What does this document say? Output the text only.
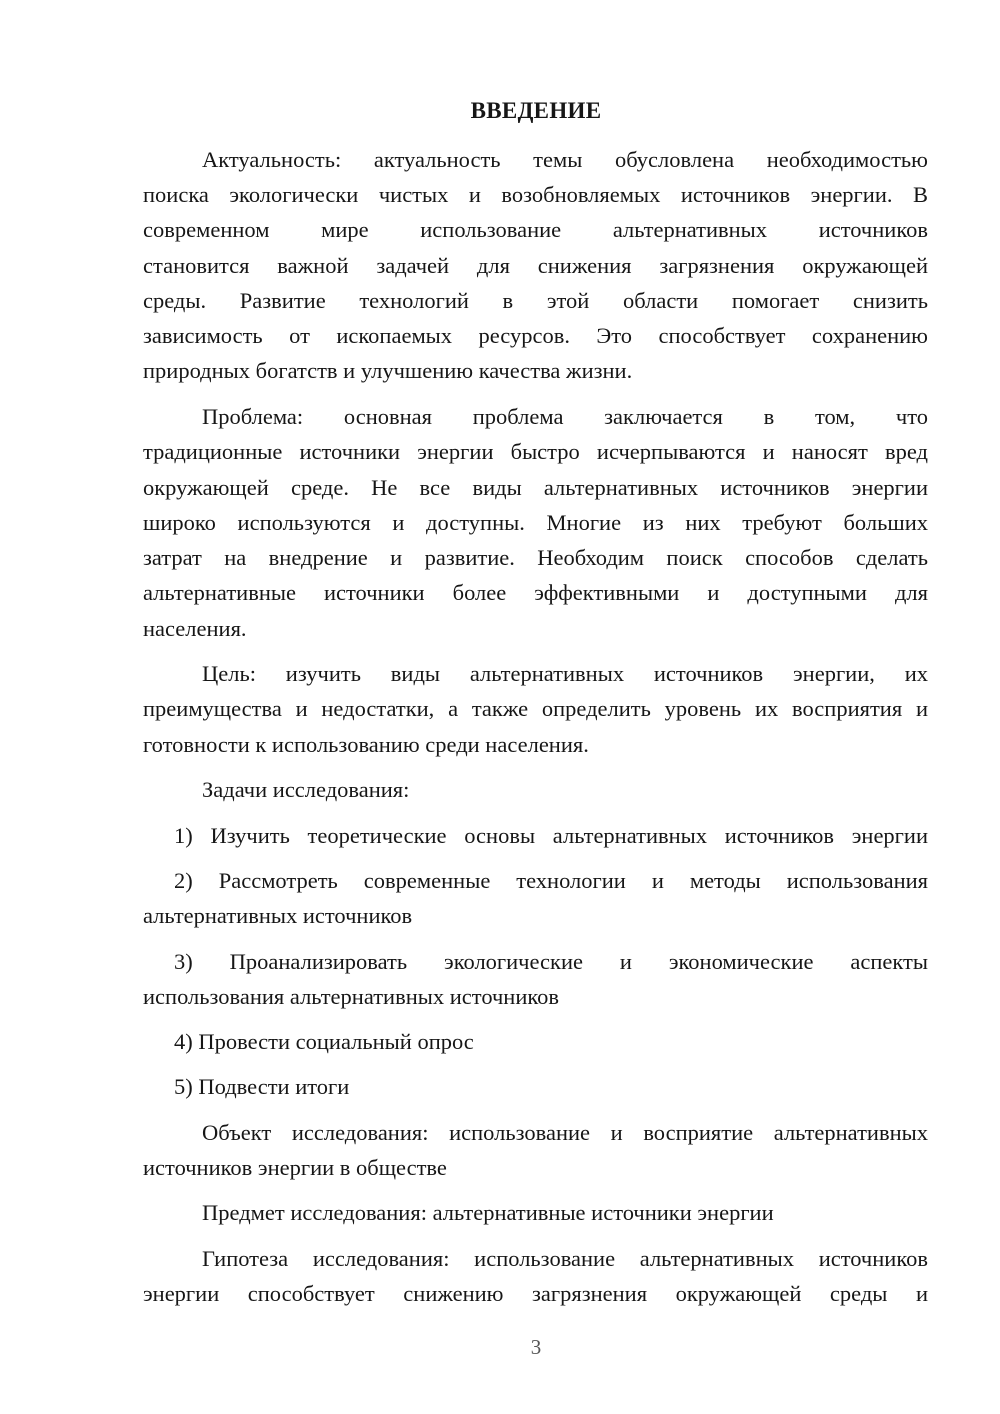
ВВЕДЕНИЕ
Актуальность: актуальность темы обусловлена необходимостью
поиска экологически чистых и возобновляемых источников энергии. В
современном мире использование альтернативных источников
становится важной задачей для снижения загрязнения окружающей
среды. Развитие технологий в этой области помогает снизить
зависимость от ископаемых ресурсов. Это способствует сохранению
природных богатств и улучшению качества жизни.
Проблема: основная проблема заключается в том, что
традиционные источники энергии быстро исчерпываются и наносят вред
окружающей среде. Не все виды альтернативных источников энергии
широко используются и доступны. Многие из них требуют больших
затрат на внедрение и развитие. Необходим поиск способов сделать
альтернативные источники более эффективными и доступными для
населения.
Цель: изучить виды альтернативных источников энергии, их
преимущества и недостатки, а также определить уровень их восприятия и
готовности к использованию среди населения.
Задачи исследования:
1) Изучить теоретические основы альтернативных источников энергии
2) Рассмотреть современные технологии и методы использования
альтернативных источников
3) Проанализировать экологические и экономические аспекты
использования альтернативных источников
4) Провести социальный опрос
5) Подвести итоги
Объект исследования: использование и восприятие альтернативных
источников энергии в обществе
Предмет исследования: альтернативные источники энергии
Гипотеза исследования: использование альтернативных источников
энергии способствует снижению загрязнения окружающей среды и
3
